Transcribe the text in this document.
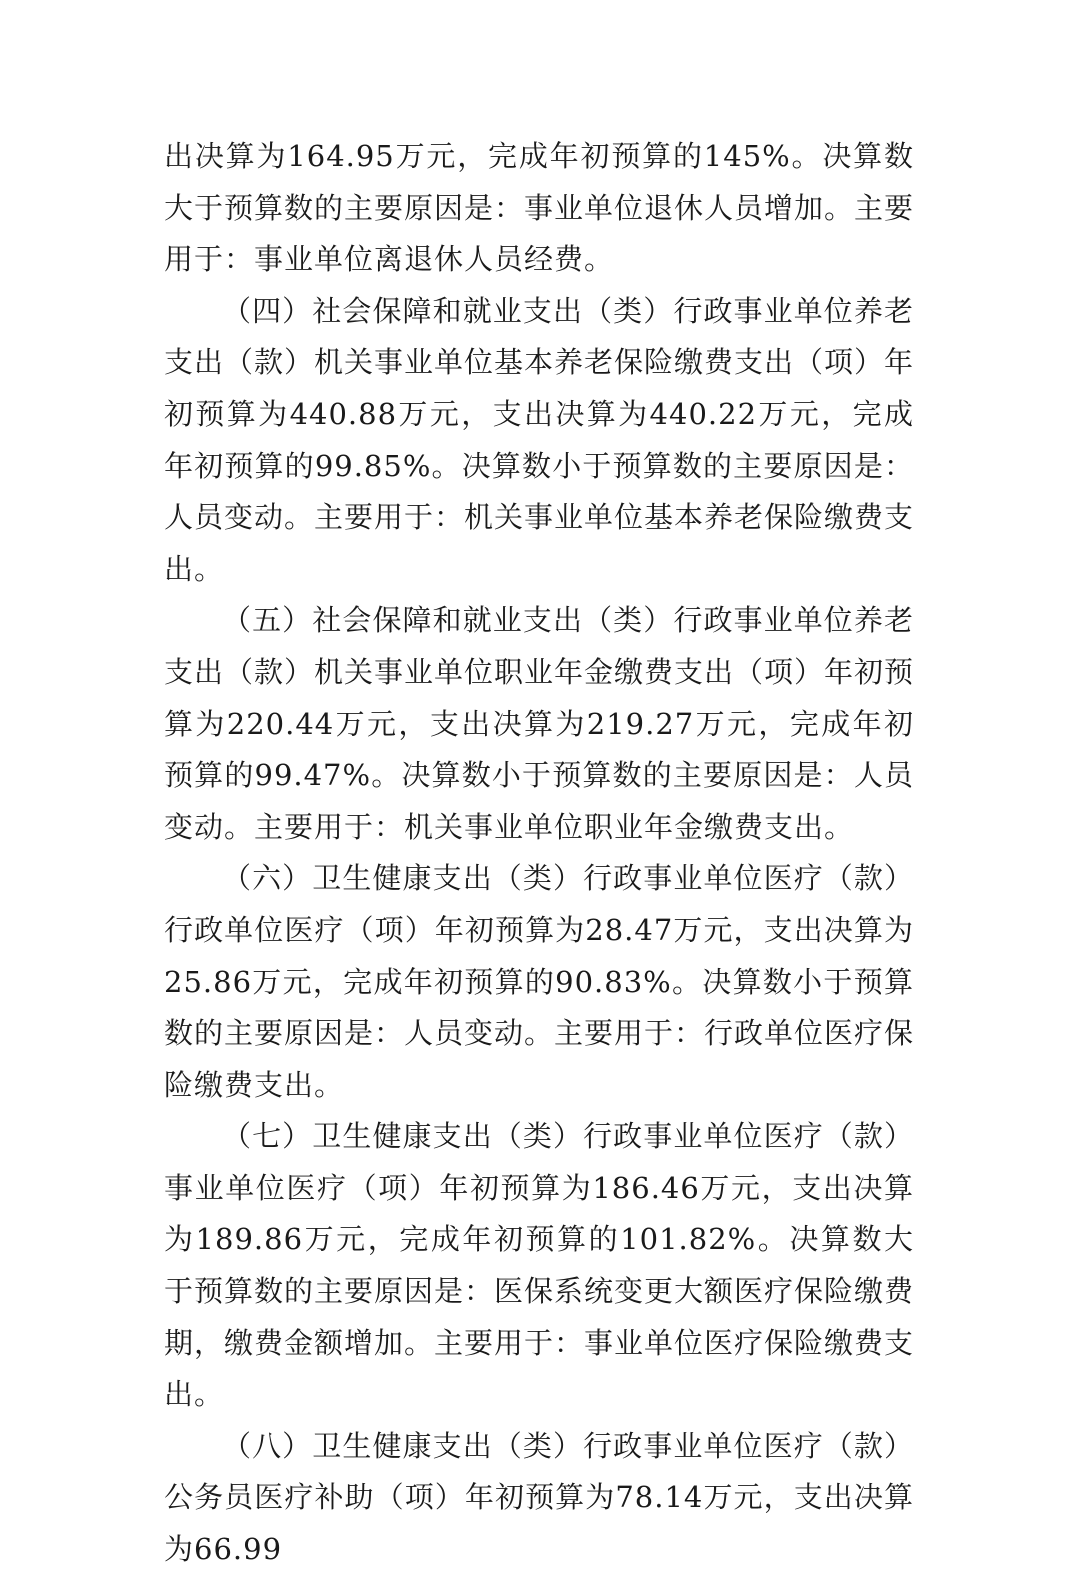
出决算为164.95万元，完成年初预算的145%。决算数大于预算数的主要原因是：事业单位退休人员增加。主要用于：事业单位离退休人员经费。

（四）社会保障和就业支出（类）行政事业单位养老支出（款）机关事业单位基本养老保险缴费支出（项）年初预算为440.88万元，支出决算为440.22万元，完成年初预算的99.85%。决算数小于预算数的主要原因是：人员变动。主要用于：机关事业单位基本养老保险缴费支出。

（五）社会保障和就业支出（类）行政事业单位养老支出（款）机关事业单位职业年金缴费支出（项）年初预算为220.44万元，支出决算为219.27万元，完成年初预算的99.47%。决算数小于预算数的主要原因是：人员变动。主要用于：机关事业单位职业年金缴费支出。

（六）卫生健康支出（类）行政事业单位医疗（款）行政单位医疗（项）年初预算为28.47万元，支出决算为25.86万元，完成年初预算的90.83%。决算数小于预算数的主要原因是：人员变动。主要用于：行政单位医疗保险缴费支出。

（七）卫生健康支出（类）行政事业单位医疗（款）事业单位医疗（项）年初预算为186.46万元，支出决算为189.86万元，完成年初预算的101.82%。决算数大于预算数的主要原因是：医保系统变更大额医疗保险缴费期，缴费金额增加。主要用于：事业单位医疗保险缴费支出。

（八）卫生健康支出（类）行政事业单位医疗（款）公务员医疗补助（项）年初预算为78.14万元，支出决算为66.99
